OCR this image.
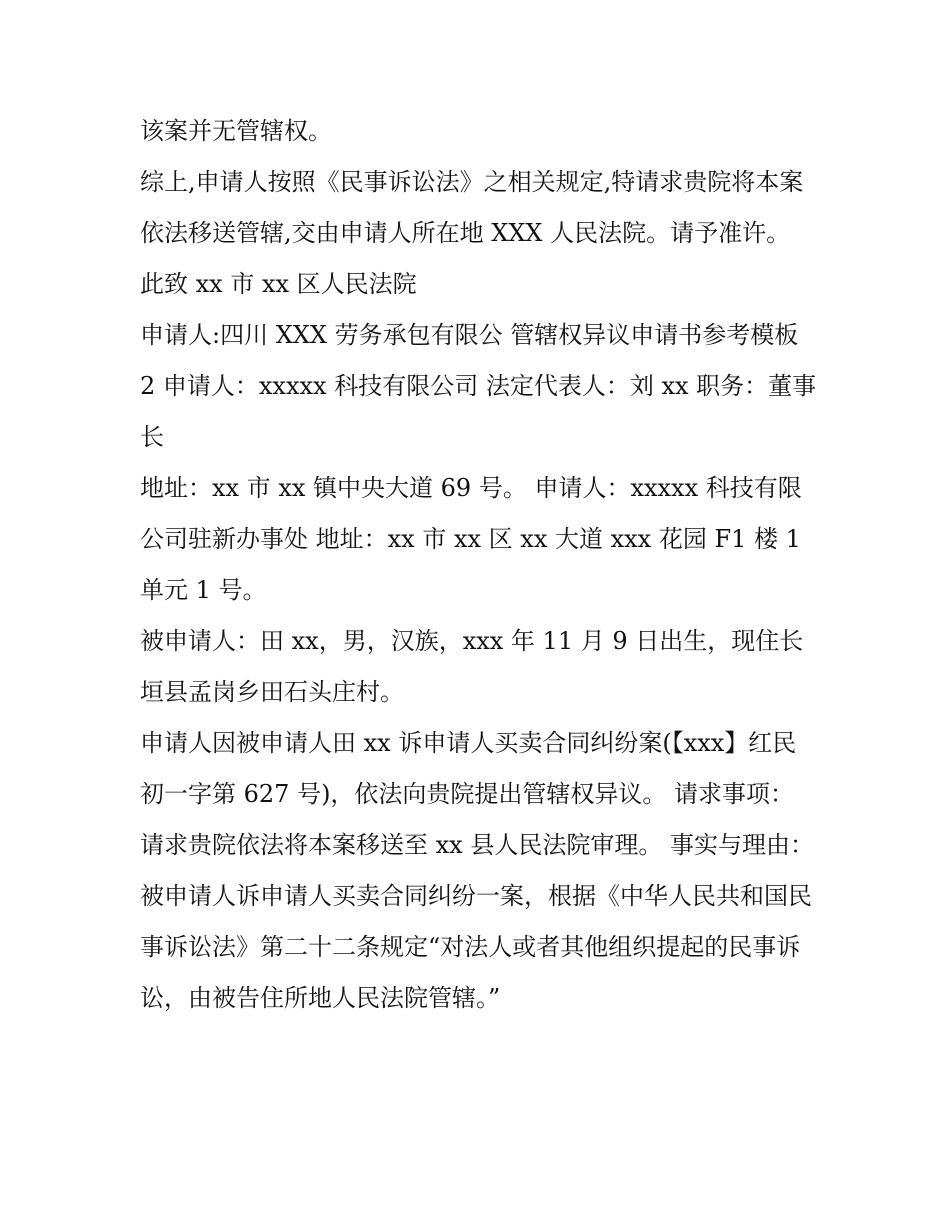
该案并无管辖权。

综上,申请人按照《民事诉讼法》之相关规定,特请求贵院将本案依法移送管辖,交由申请人所在地 XXX 人民法院。请予准许。 此致 xx 市 xx 区人民法院

申请人:四川 XXX 劳务承包有限公 管辖权异议申请书参考模板 2 申请人：xxxxx 科技有限公司 法定代表人：刘 xx 职务：董事长

地址：xx 市 xx 镇中央大道 69 号。 申请人：xxxxx 科技有限公司驻新办事处 地址：xx 市 xx 区 xx 大道 xxx 花园 F1 楼 1 单元 1 号。

被申请人：田 xx，男，汉族，xxx 年 11 月 9 日出生，现住长垣县孟岗乡田石头庄村。

申请人因被申请人田 xx 诉申请人买卖合同纠纷案(【xxx】红民初一字第 627 号)，依法向贵院提出管辖权异议。 请求事项：

请求贵院依法将本案移送至 xx 县人民法院审理。 事实与理由：

被申请人诉申请人买卖合同纠纷一案，根据《中华人民共和国民事诉讼法》第二十二条规定“对法人或者其他组织提起的民事诉讼，由被告住所地人民法院管辖。”
